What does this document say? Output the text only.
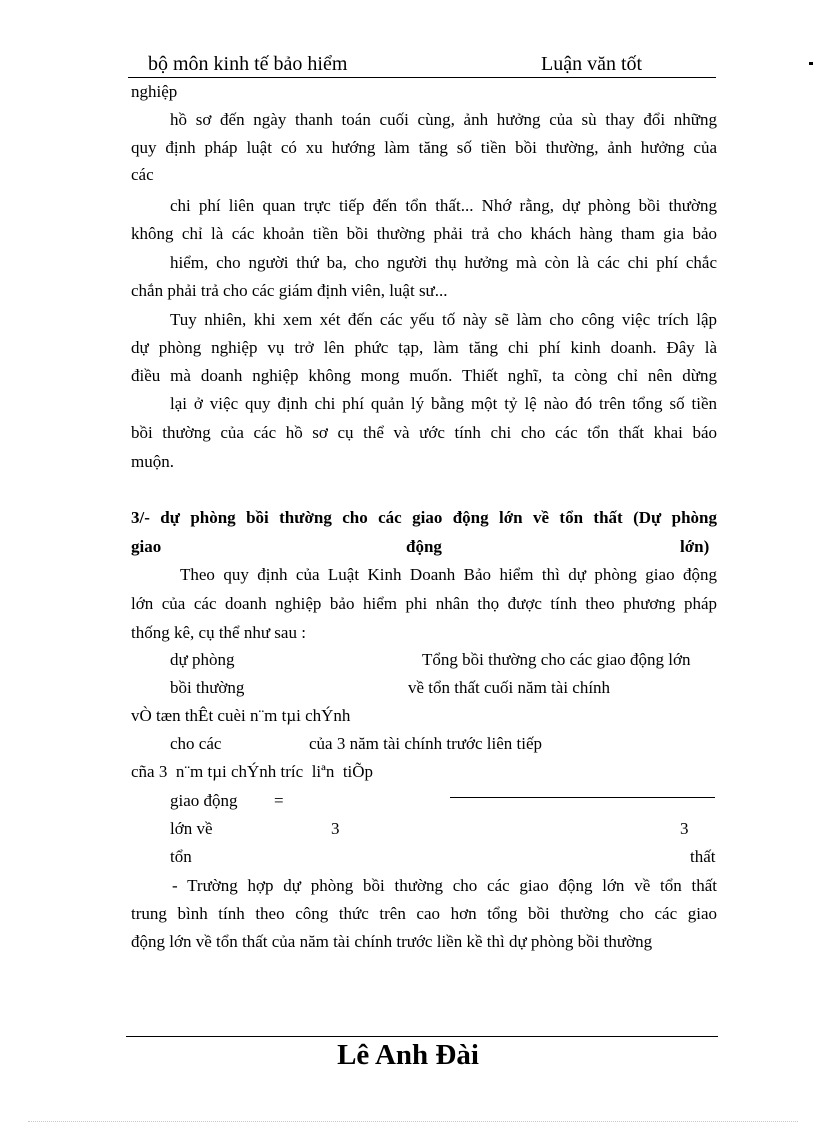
bộ môn kinh tế bảo hiểm	Luận văn tốt
nghiệp
hồ sơ đến ngày thanh toán cuối cùng, ảnh hưởng của sù thay đổi những
quy định pháp luật có xu hướng làm tăng số tiền bồi thường, ảnh hưởng của
các
chi phí liên quan trực tiếp đến tổn thất... Nhớ rằng, dự phòng bồi thường
không chỉ là các khoản tiền bồi thường phải trả cho khách hàng tham gia bảo
hiểm, cho người thứ ba, cho người thụ hưởng mà còn là các chi phí chắc
chắn phải trả cho các giám định viên, luật sư...
Tuy nhiên, khi xem xét đến các yếu tố này sẽ làm cho công việc trích lập
dự phòng nghiệp vụ trở lên phức tạp, làm tăng chi phí kinh doanh. Đây là
điều mà doanh nghiệp không mong muốn. Thiết nghĩ, ta còng chỉ nên dừng
lại ở việc quy định chi phí quản lý bằng một tỷ lệ nào đó trên tổng số tiền
bồi thường của các hồ sơ cụ thể và ước tính chi cho các tổn thất khai báo
muộn.
3/- dự phòng bồi thường cho các giao động lớn về tổn thất (Dự phòng
giao	động	lớn)
Theo quy định của Luật Kinh Doanh Bảo hiểm thì dự phòng giao động
lớn của các doanh nghiệp bảo hiểm phi nhân thọ được tính theo phương pháp
thống kê, cụ thể như sau :
dự phòng	Tổng bồi thường cho các giao động lớn
bồi thường	về tổn thất cuối năm tài chính
vÒ tæn thÊt cuèi n¨m tµi chÝnh
cho các	của 3 năm tài chính trước liên tiếp
cña 3  n¨m tµi chÝnh tríc  liªn  tiÕp
giao động =
lớn về	3	3
tổn	thất
- Trường hợp dự phòng bồi thường cho các giao động lớn về tổn thất
trung bình tính theo công thức trên cao hơn tổng bồi thường cho các giao
động lớn về tổn thất của năm tài chính trước liền kề thì dự phòng bồi thường
Lê Anh Đài
